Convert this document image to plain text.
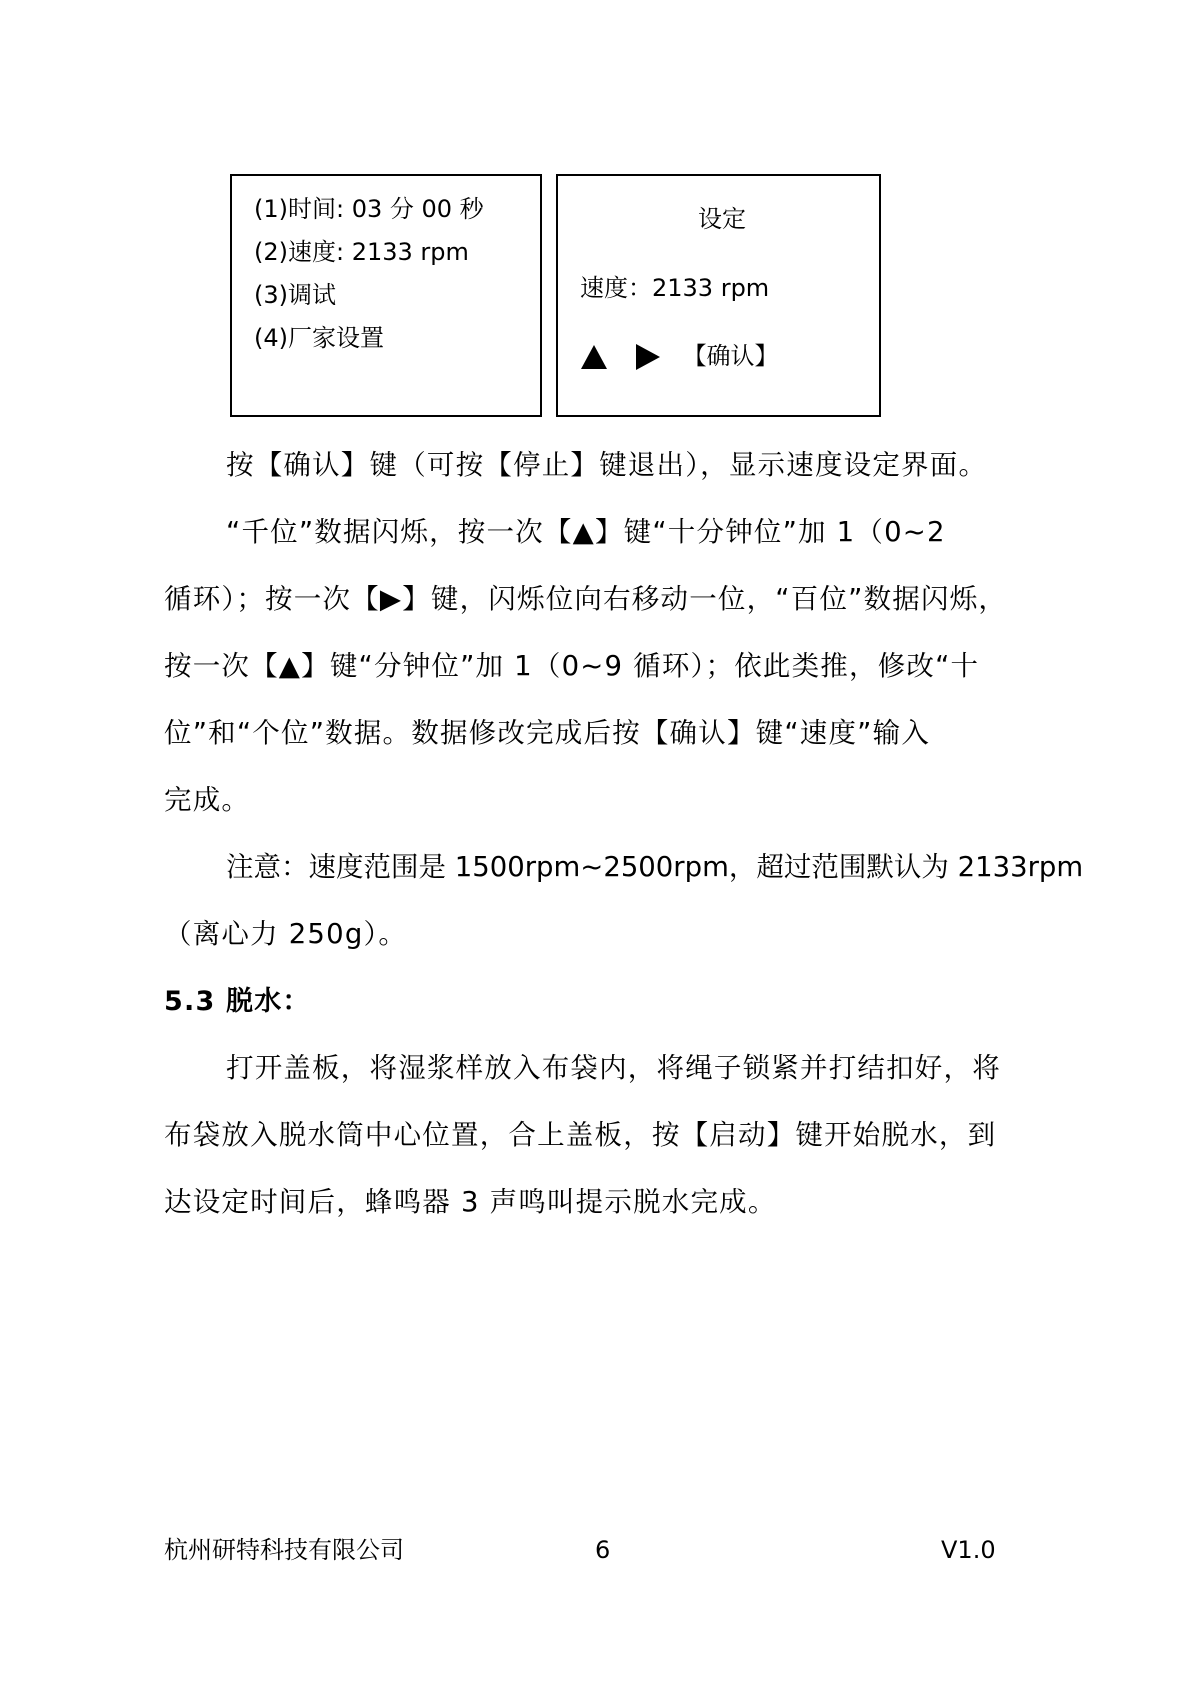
(1)时间: 03 分 00 秒
(2)速度: 2133 rpm
(3)调试
(4)厂家设置
设定
速度：2133 rpm
【确认】
按【确认】键（可按【停止】键退出），显示速度设定界面。
“千位”数据闪烁，按一次【▲】键“十分钟位”加 1（0~2
循环）；按一次【▶】键，闪烁位向右移动一位，“百位”数据闪烁，
按一次【▲】键“分钟位”加 1（0~9 循环）；依此类推，修改“十
位”和“个位”数据。数据修改完成后按【确认】键“速度”输入
完成。
注意：速度范围是 1500rpm~2500rpm，超过范围默认为 2133rpm
（离心力 250g）。
5.3 脱水：
打开盖板，将湿浆样放入布袋内，将绳子锁紧并打结扣好，将
布袋放入脱水筒中心位置，合上盖板，按【启动】键开始脱水，到
达设定时间后，蜂鸣器 3 声鸣叫提示脱水完成。
杭州研特科技有限公司	6	V1.0
